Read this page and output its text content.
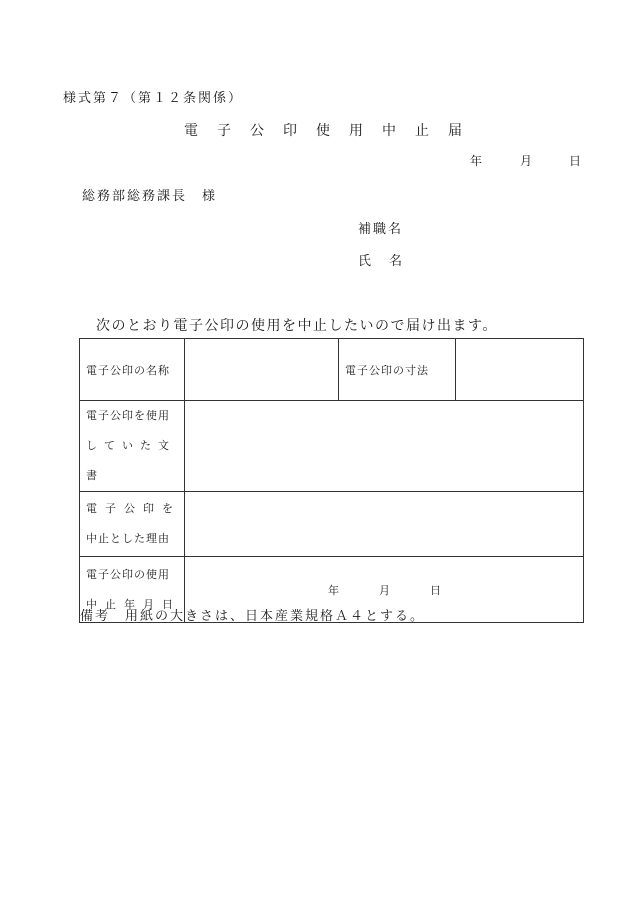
様式第７（第１２条関係）
電子公印使用中止届
年	月	日
総務部総務課長　様
補職名
氏名
次のとおり電子公印の使用を中止したいので届け出ます。
電子公印の名称		電子公印の寸法	

電子公印を使用
していた文書			

電子公印を
中止とした理由			

電子公印の使用
中止年月日	年 月 日		
備考　用紙の大きさは、日本産業規格Ａ４とする。
